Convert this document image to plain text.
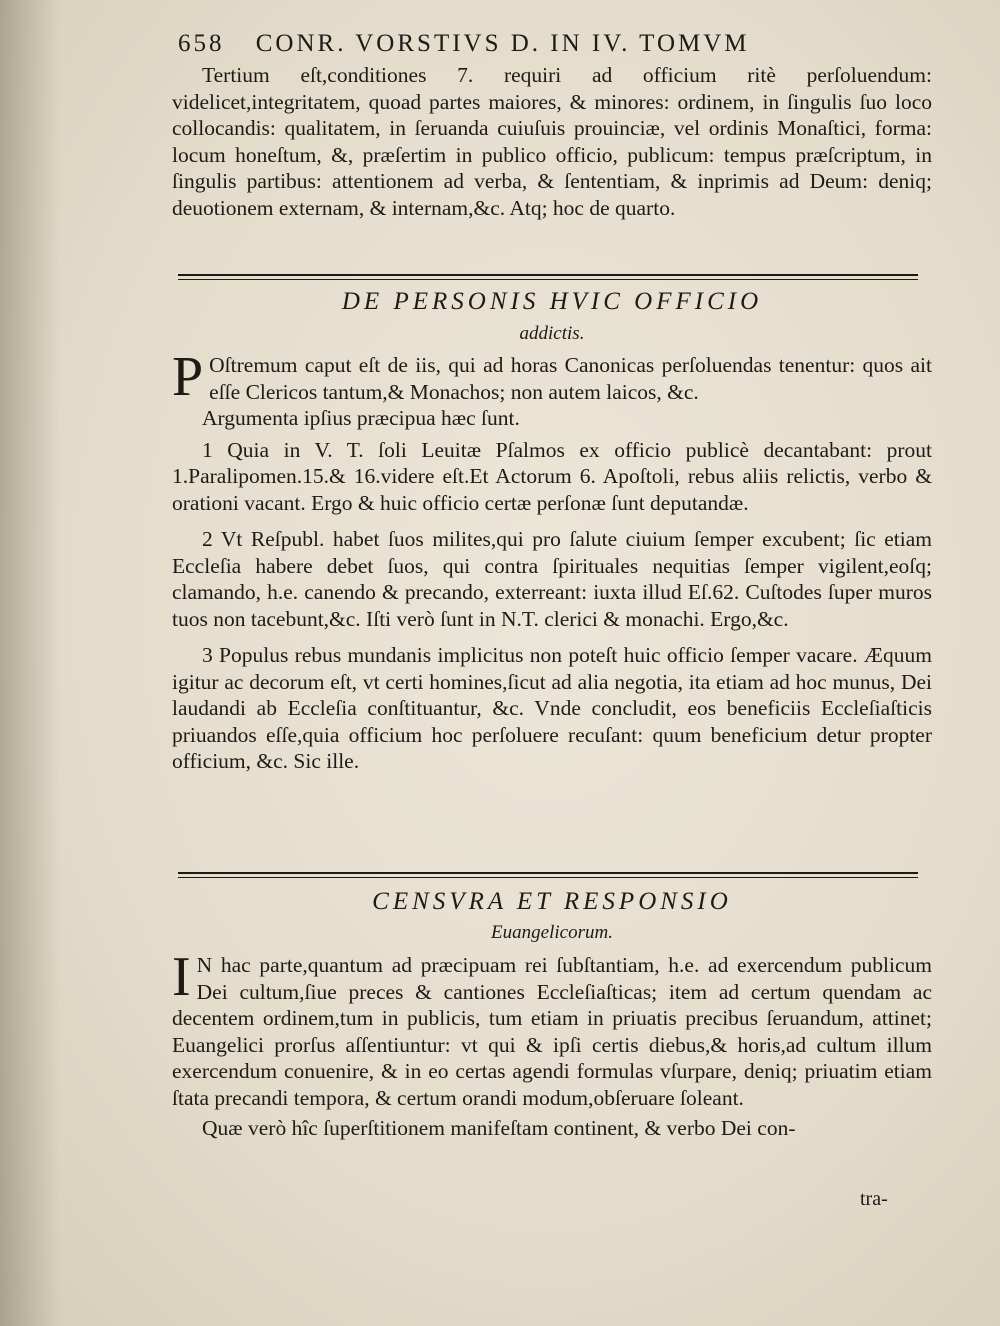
658 CONR. VORSTIVS D. IN IV. TOMVM

Tertium eſt,conditiones 7. requiri ad officium ritè perſoluendum: videlicet,integritatem, quoad partes maiores, & minores: ordinem, in ſingulis ſuo loco collocandis: qualitatem, in ſeruanda cuiuſuis prouinciæ, vel ordinis Monaſtici, forma: locum honeſtum, &, præſertim in publico officio, publicum: tempus præſcriptum, in ſingulis partibus: attentionem ad verba, & ſententiam, & inprimis ad Deum: deniq; deuotionem externam, & internam,&c. Atq; hoc de quarto.

DE PERSONIS HVIC OFFICIO
addictis.

P Oſtremum caput eſt de iis, qui ad horas Canonicas perſoluendas tenentur: quos ait eſſe Clericos tantum,& Monachos; non autem laicos, &c.

Argumenta ipſius præcipua hæc ſunt.

1 Quia in V. T. ſoli Leuitæ Pſalmos ex officio publicè decantabant: prout 1.Paralipomen.15.& 16.videre eſt.Et Actorum 6. Apoſtoli, rebus aliis relictis, verbo & orationi vacant. Ergo & huic officio certæ perſonæ ſunt deputandæ.

2 Vt Reſpubl. habet ſuos milites,qui pro ſalute ciuium ſemper excubent; ſic etiam Eccleſia habere debet ſuos, qui contra ſpirituales nequitias ſemper vigilent,eoſq; clamando, h.e. canendo & precando, exterreant: iuxta illud Eſ.62. Cuſtodes ſuper muros tuos non tacebunt,&c. Iſti verò ſunt in N.T. clerici & monachi. Ergo,&c.

3 Populus rebus mundanis implicitus non poteſt huic officio ſemper vacare. Æquum igitur ac decorum eſt, vt certi homines,ſicut ad alia negotia, ita etiam ad hoc munus, Dei laudandi ab Eccleſia conſtituantur, &c. Vnde concludit, eos beneficiis Eccleſiaſticis priuandos eſſe,quia officium hoc perſoluere recuſant: quum beneficium detur propter officium, &c. Sic ille.

CENSVRA ET RESPONSIO
Euangelicorum.

I N hac parte,quantum ad præcipuam rei ſubſtantiam, h.e. ad exercendum publicum Dei cultum,ſiue preces & cantiones Eccleſiaſticas; item ad certum quendam ac decentem ordinem,tum in publicis, tum etiam in priuatis precibus ſeruandum, attinet; Euangelici prorſus aſſentiuntur: vt qui & ipſi certis diebus,& horis,ad cultum illum exercendum conuenire, & in eo certas agendi formulas vſurpare, deniq; priuatim etiam ſtata precandi tempora, & certum orandi modum,obſeruare ſoleant.

Quæ verò hîc ſuperſtitionem manifeſtam continent, & verbo Dei con-

tra-
